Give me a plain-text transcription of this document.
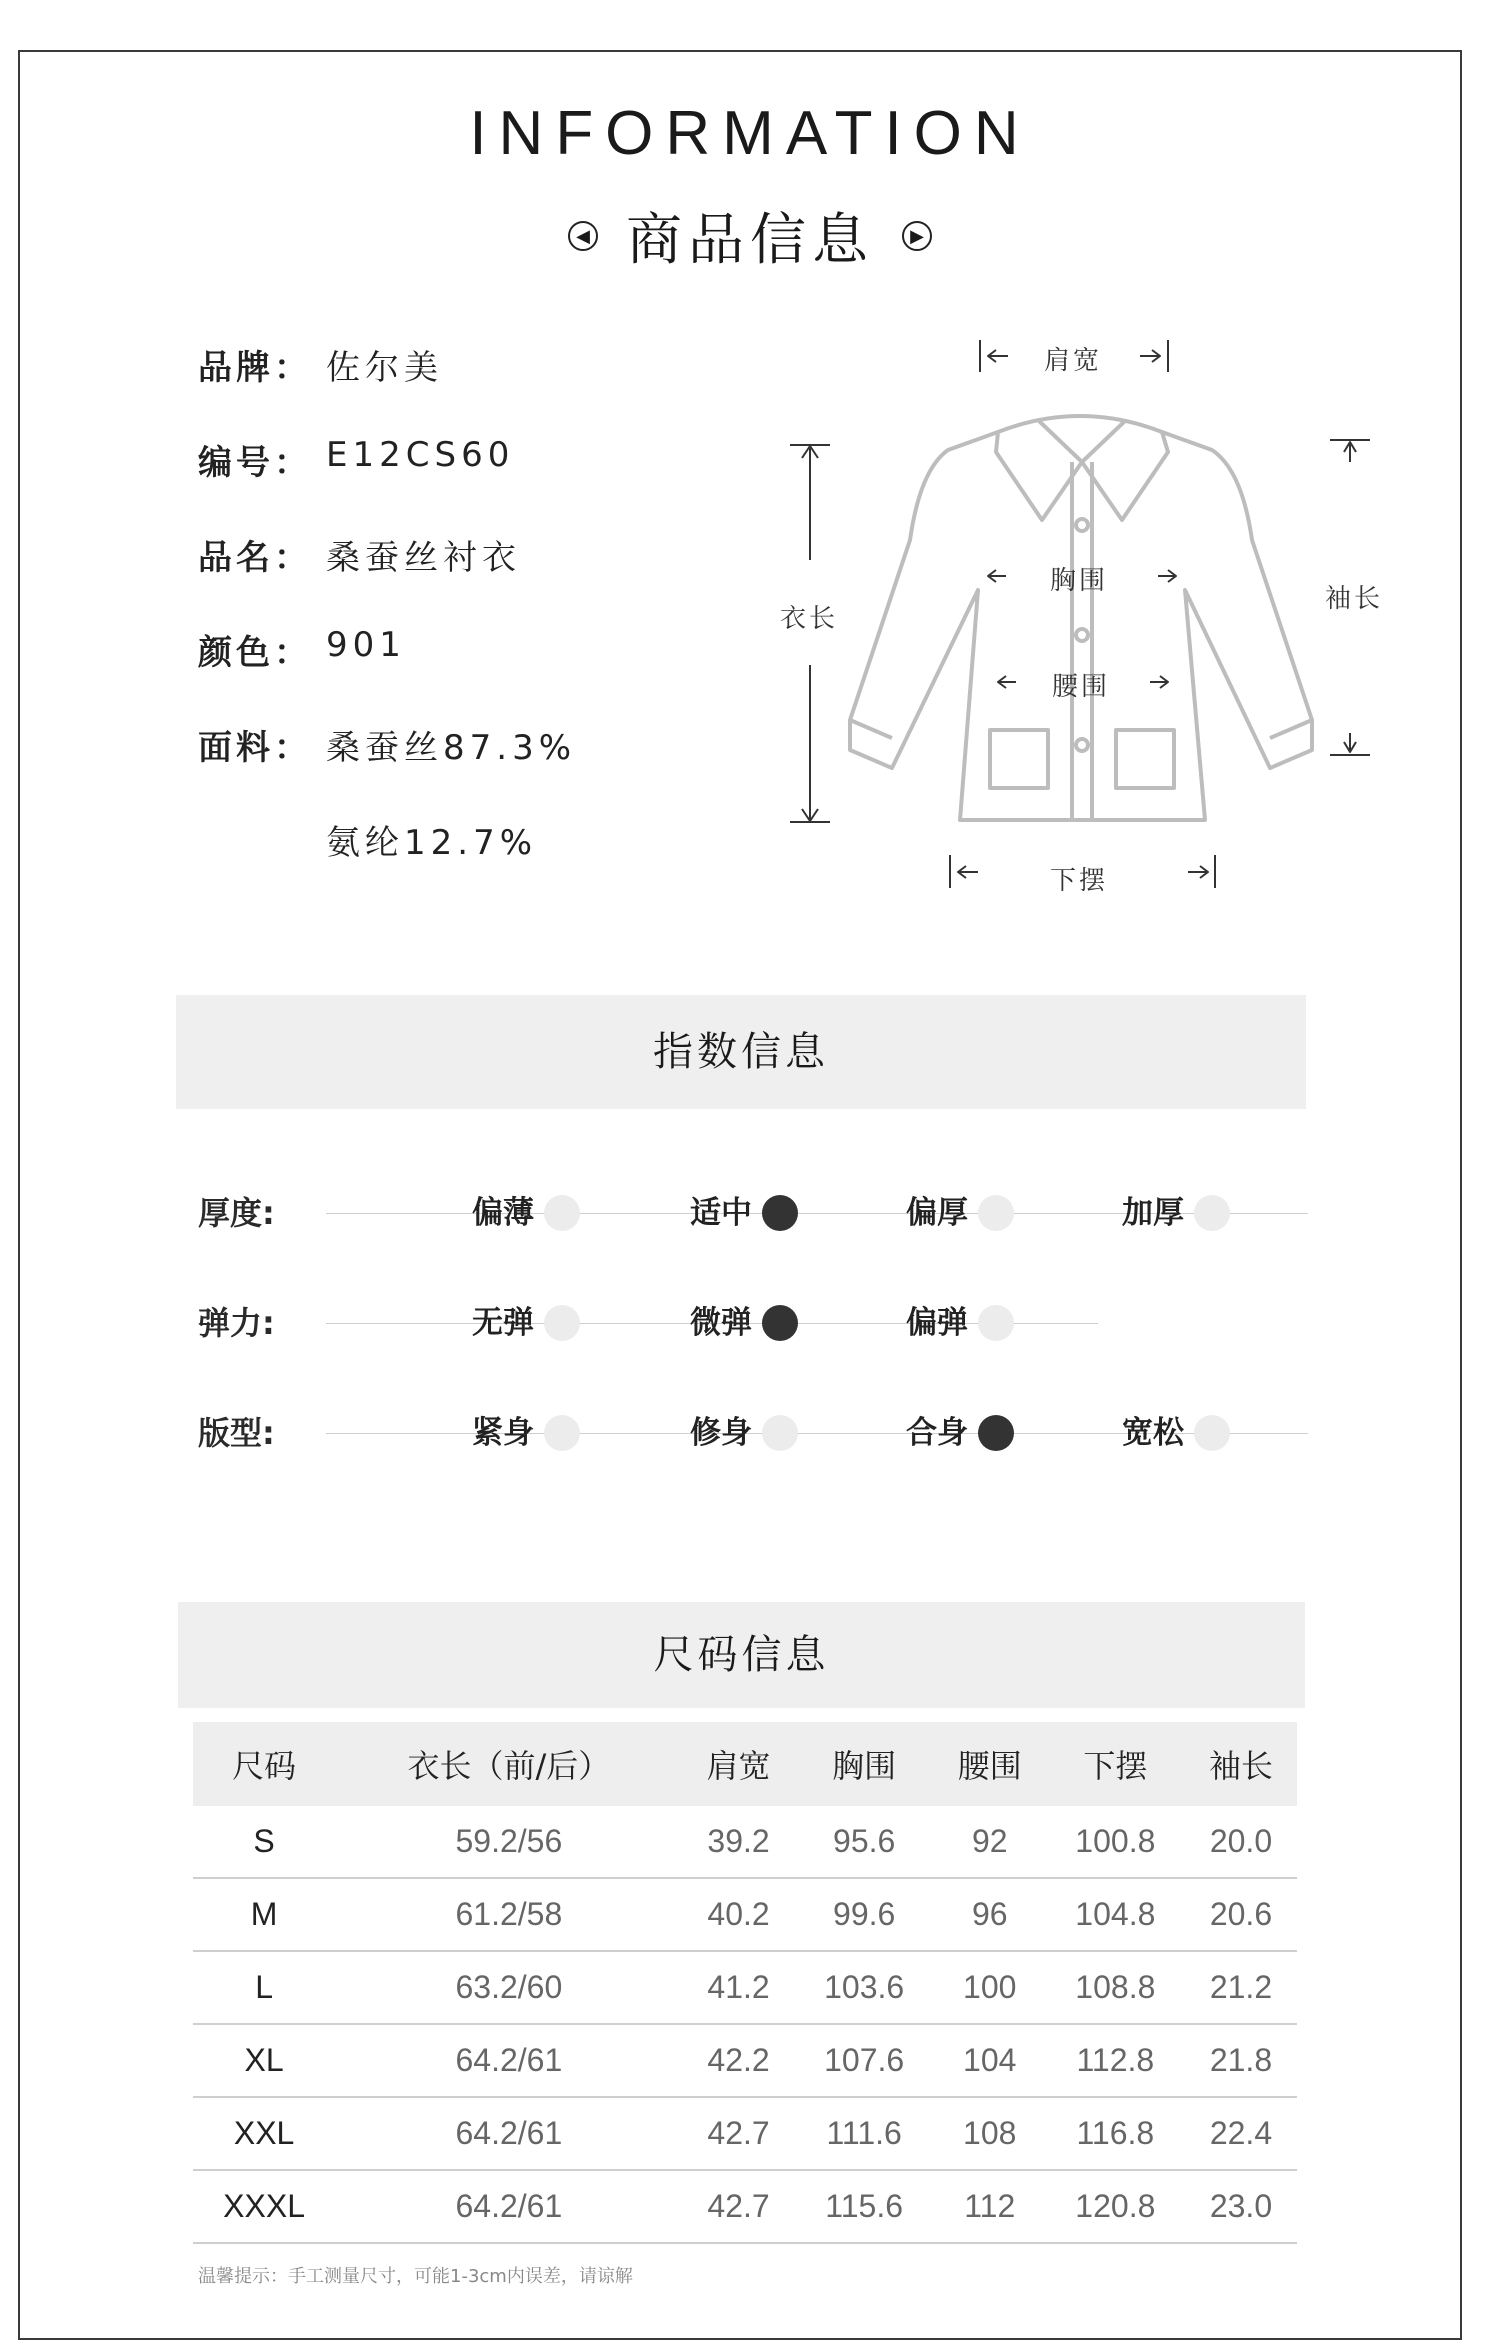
INFORMATION
◀ 商品信息	▶
品牌： 佐尔美
编号： E12CS60
品名： 桑蚕丝衬衣
颜色： 901
面料： 桑蚕丝87.3%
氨纶12.7%
肩宽
衣长
胸围
腰围
袖长
下摆
指数信息
厚度:	偏薄	适中	偏厚	加厚
弹力:	无弹	微弹	偏弹
版型:	紧身	修身	合身	宽松
尺码信息
尺码	衣长（前/后）	肩宽	胸围	腰围	下摆	袖长
S	59.2/56	39.2	95.6	92	100.8	20.0
M	61.2/58	40.2	99.6	96	104.8	20.6
L	63.2/60	41.2	103.6	100	108.8	21.2
XL	64.2/61	42.2	107.6	104	112.8	21.8
XXL	64.2/61	42.7	111.6	108	116.8	22.4
XXXL	64.2/61	42.7	115.6	112	120.8	23.0
温馨提示：手工测量尺寸，可能1-3cm内误差，请谅解
